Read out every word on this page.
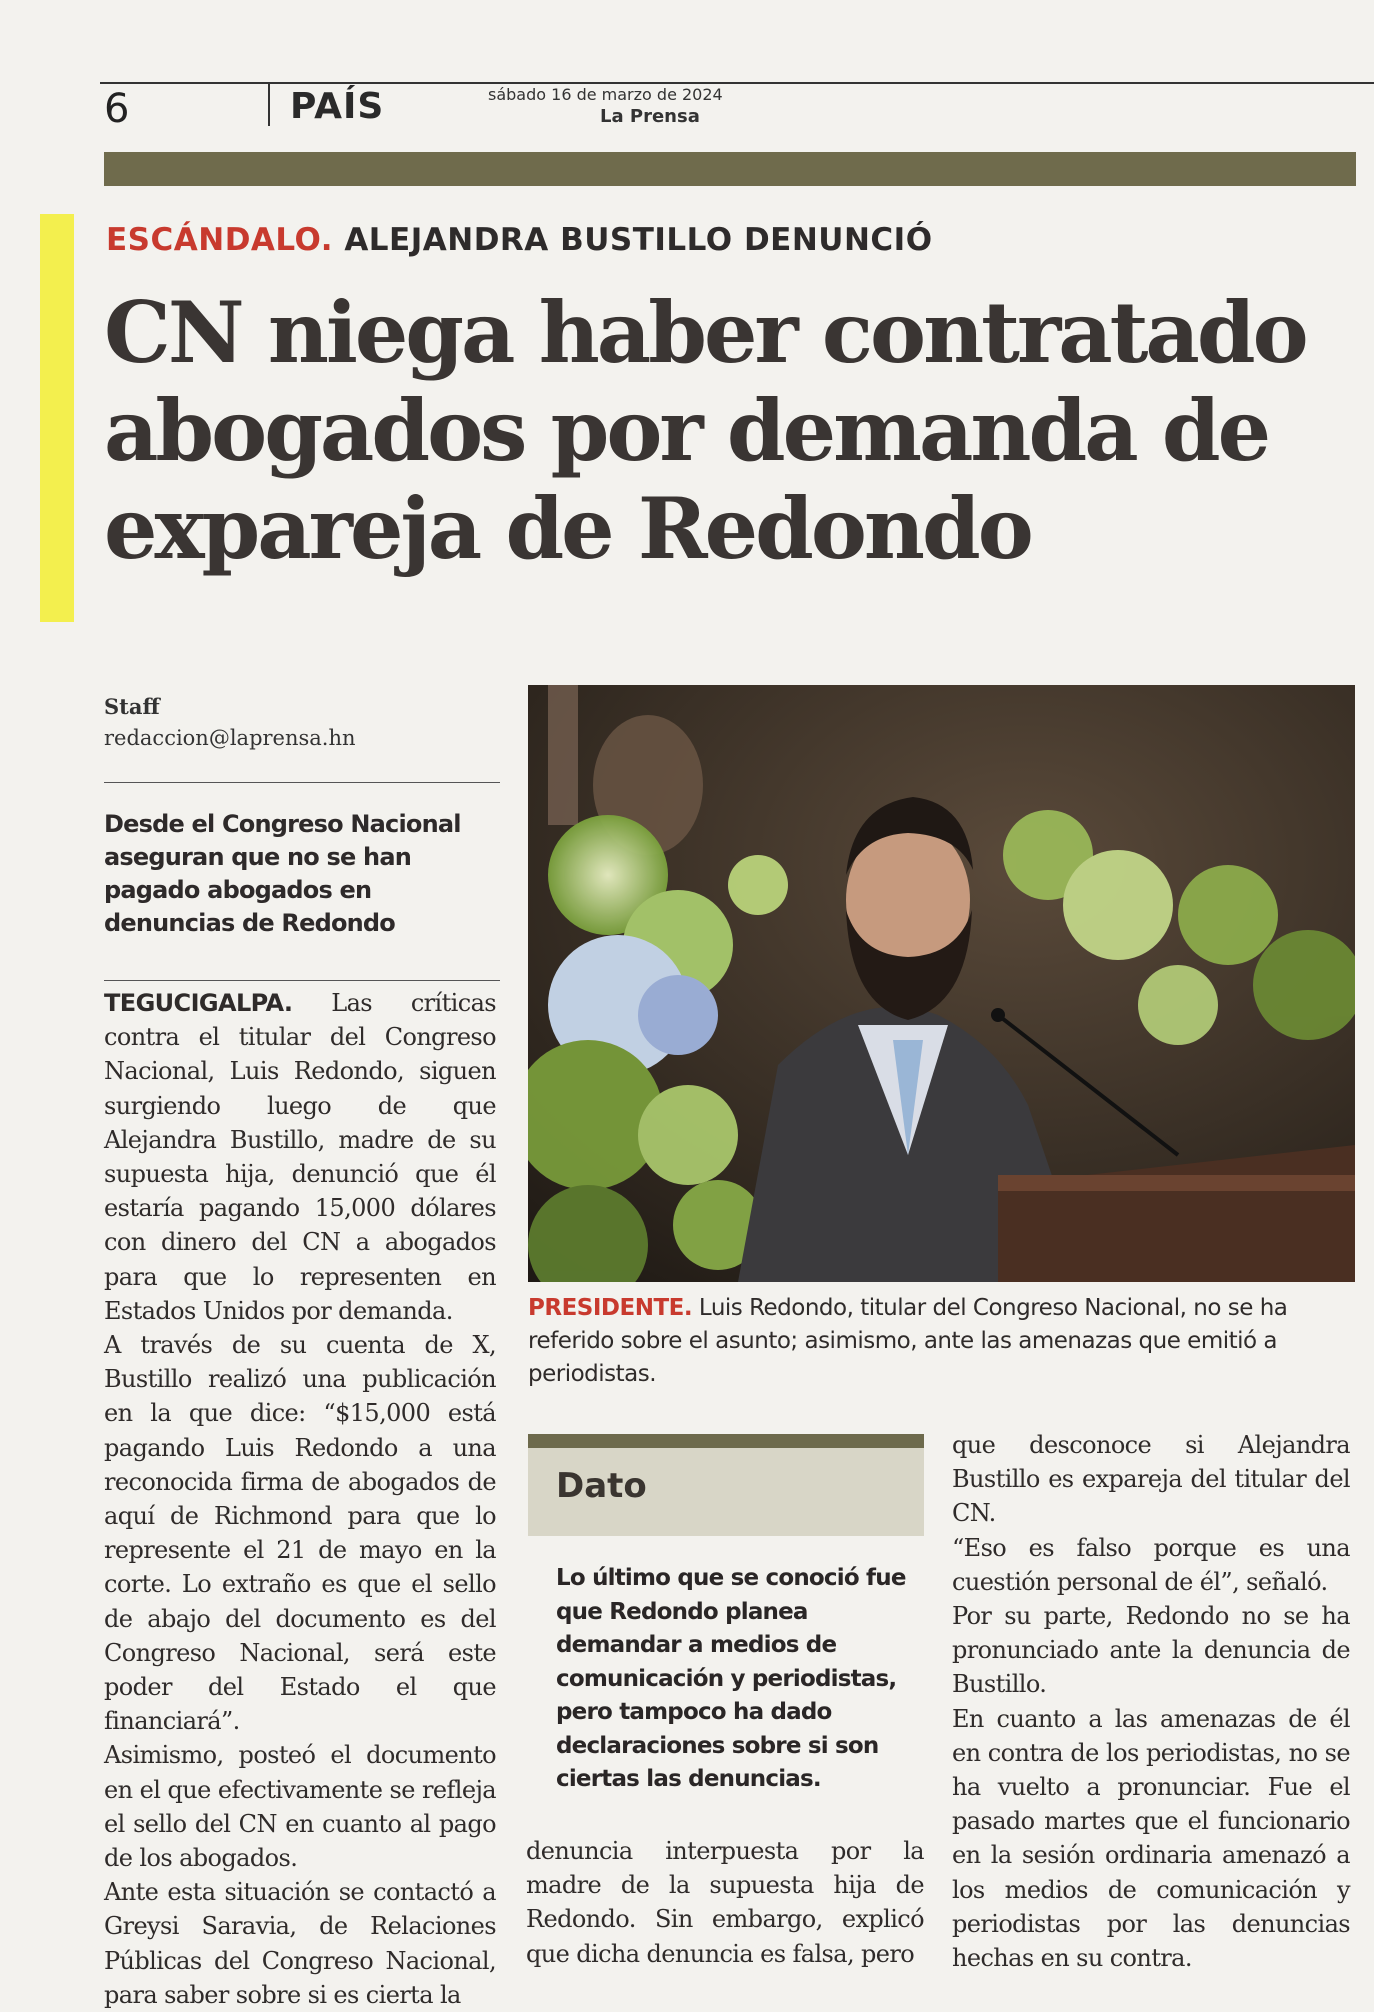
6	PAÍS	sábado 16 de marzo de 2024
La Prensa
ESCÁNDALO. ALEJANDRA BUSTILLO DENUNCIÓ
CN niega haber contratado abogados por demanda de expareja de Redondo
Staff
redaccion@laprensa.hn
Desde el Congreso Nacional aseguran que no se han pagado abogados en denuncias de Redondo

TEGUCIGALPA. Las críticas contra el titular del Congreso Nacional, Luis Redondo, siguen surgiendo luego de que Alejandra Bustillo, madre de su supuesta hija, denunció que él estaría pagando 15,000 dólares con dinero del CN a abogados para que lo representen en Estados Unidos por demanda.

A través de su cuenta de X, Bustillo realizó una publicación en la que dice: “$15,000 está pagando Luis Redondo a una reconocida firma de abogados de aquí de Richmond para que lo represente el 21 de mayo en la corte. Lo extraño es que el sello de abajo del documento es del Congreso Nacional, será este poder del Estado el que financiará”.

Asimismo, posteó el documento en el que efectivamente se refleja el sello del CN en cuanto al pago de los abogados.

Ante esta situación se contactó a Greysi Saravia, de Relaciones Públicas del Congreso Nacional, para saber sobre si es cierta la

PRESIDENTE. Luis Redondo, titular del Congreso Nacional, no se ha referido sobre el asunto; asimismo, ante las amenazas que emitió a periodistas.
Dato
Lo último que se conoció fue que Redondo planea demandar a medios de comunicación y periodistas, pero tampoco ha dado declaraciones sobre si son ciertas las denuncias.

denuncia interpuesta por la madre de la supuesta hija de Redondo. Sin embargo, explicó que dicha denuncia es falsa, pero

que desconoce si Alejandra Bustillo es expareja del titular del CN.

“Eso es falso porque es una cuestión personal de él”, señaló.

Por su parte, Redondo no se ha pronunciado ante la denuncia de Bustillo.

En cuanto a las amenazas de él en contra de los periodistas, no se ha vuelto a pronunciar. Fue el pasado martes que el funcionario en la sesión ordinaria amenazó a los medios de comunicación y periodistas por las denuncias hechas en su contra.
